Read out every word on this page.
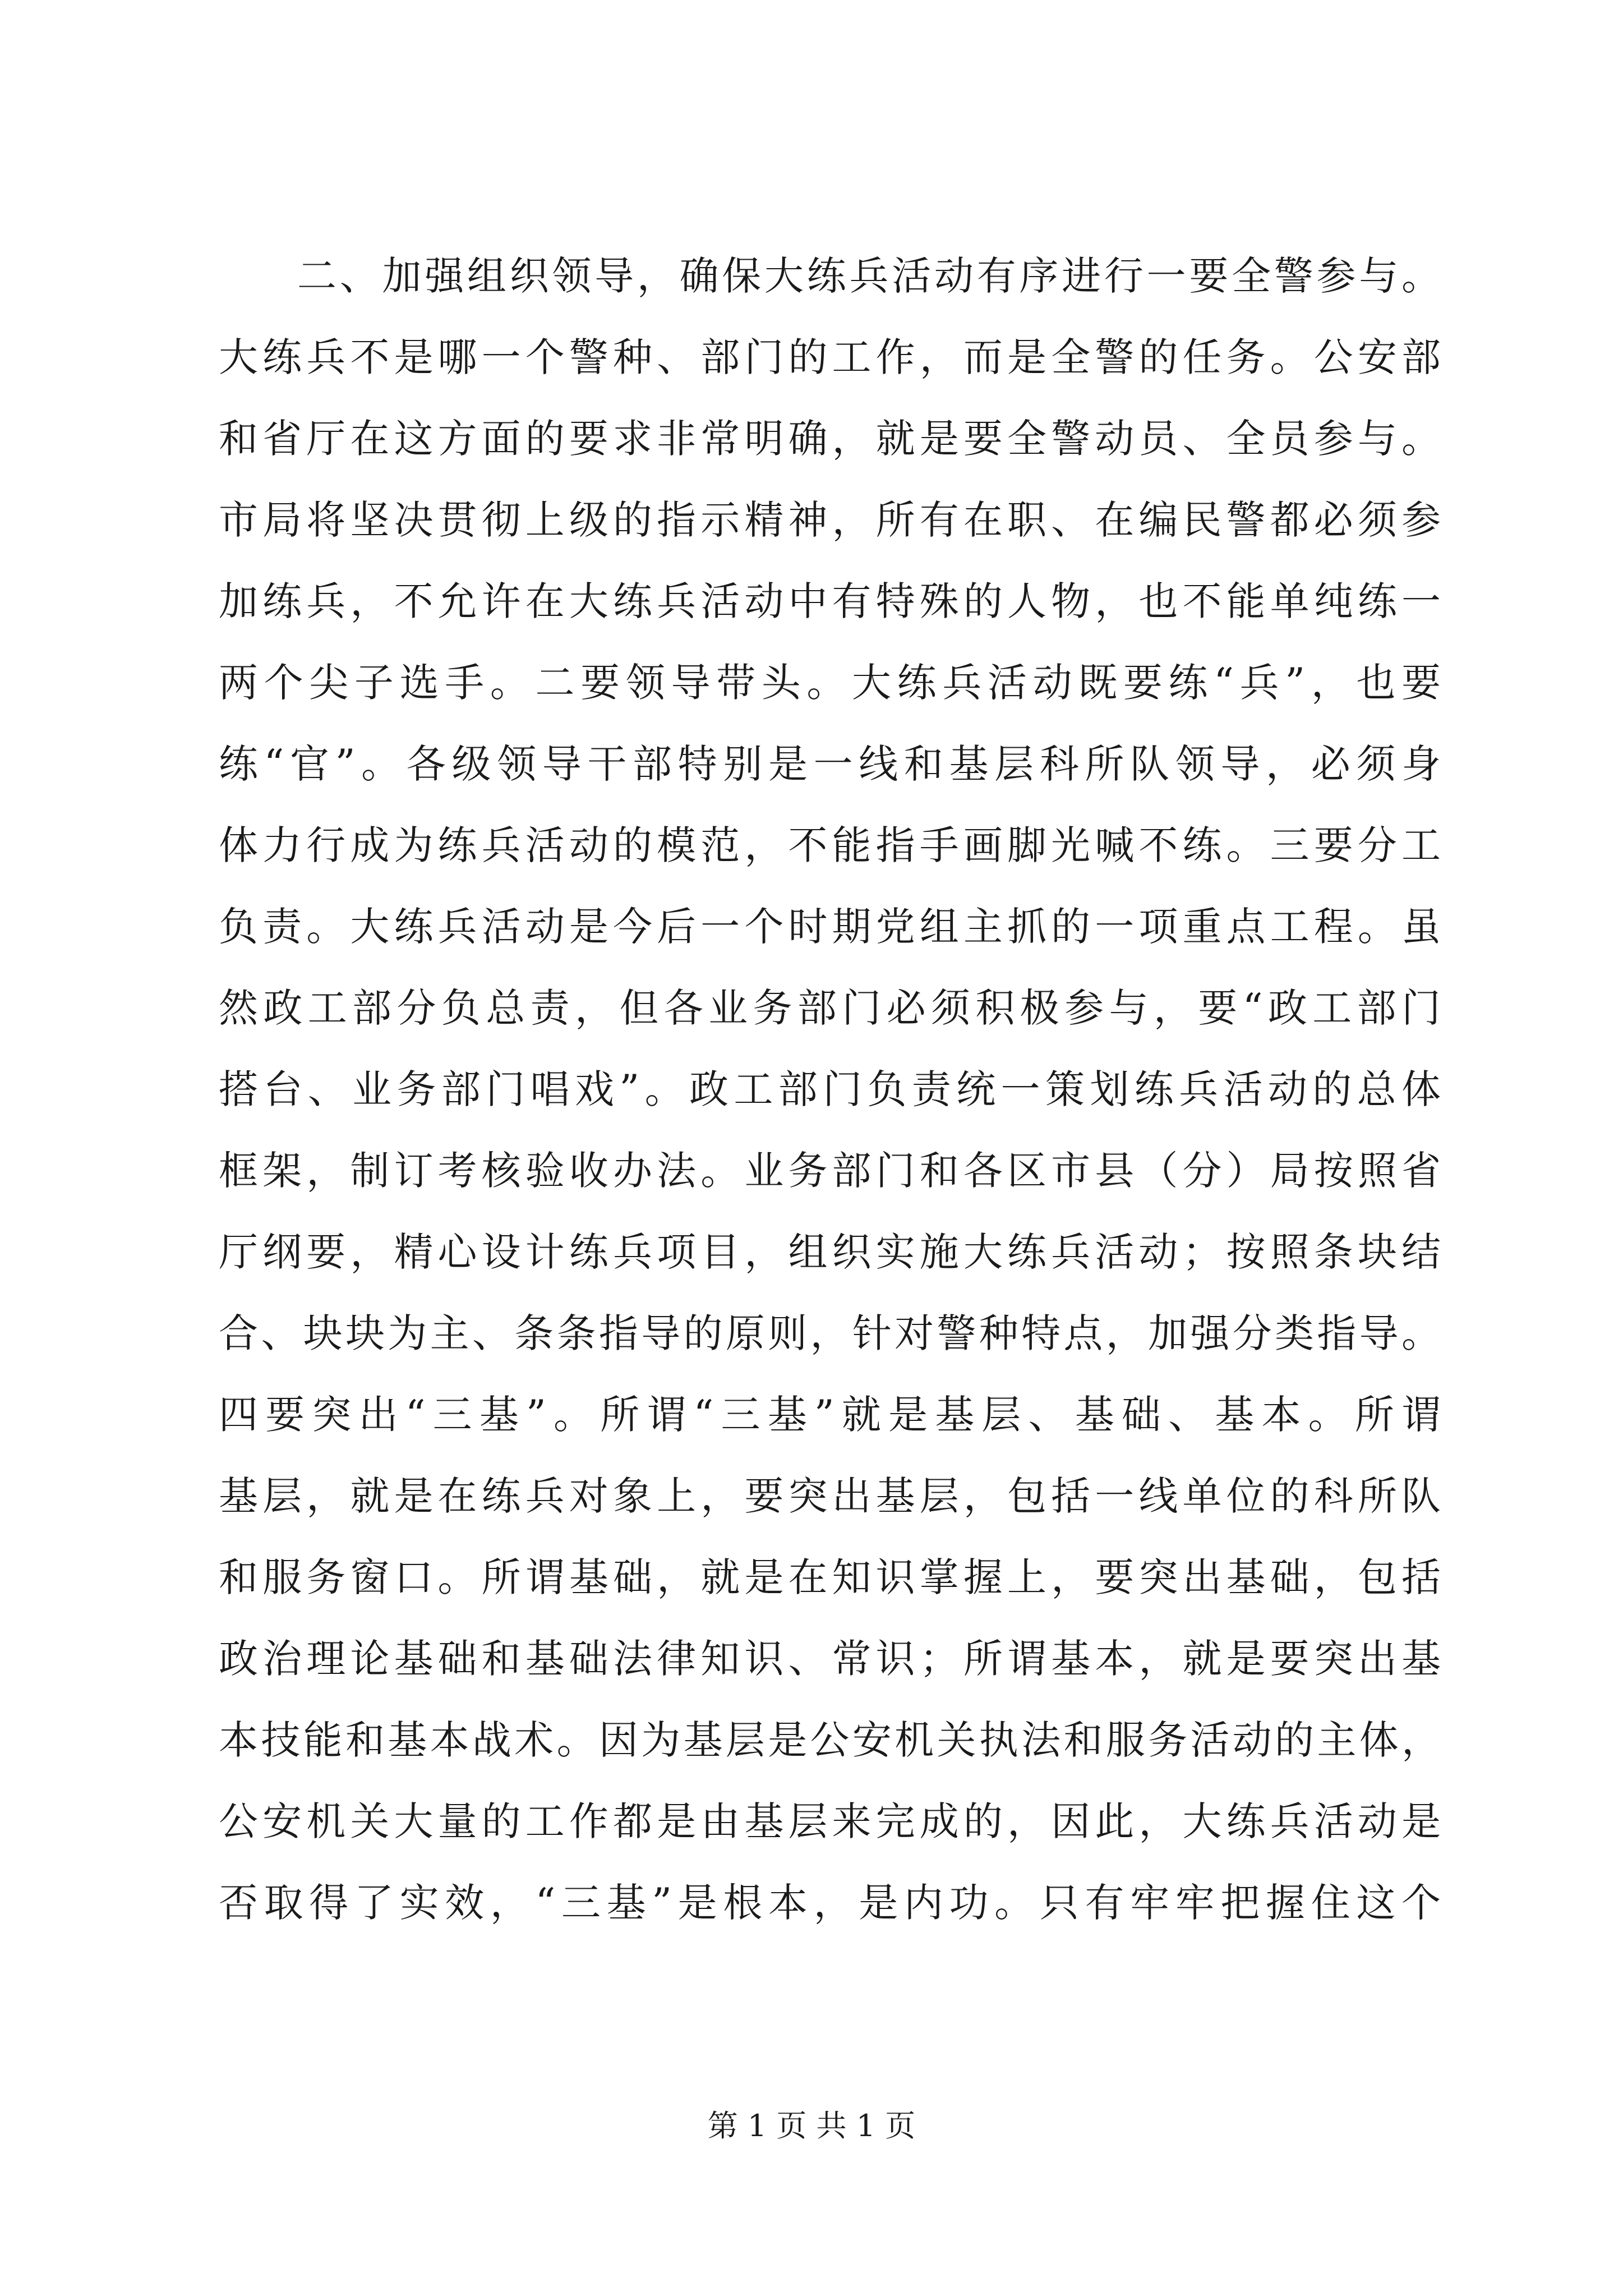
二、加强组织领导，确保大练兵活动有序进行一要全警参与。
大练兵不是哪一个警种、部门的工作，而是全警的任务。公安部
和省厅在这方面的要求非常明确，就是要全警动员、全员参与。
市局将坚决贯彻上级的指示精神，所有在职、在编民警都必须参
加练兵，不允许在大练兵活动中有特殊的人物，也不能单纯练一
两个尖子选手。二要领导带头。大练兵活动既要练“兵”，也要
练“官”。各级领导干部特别是一线和基层科所队领导，必须身
体力行成为练兵活动的模范，不能指手画脚光喊不练。三要分工
负责。大练兵活动是今后一个时期党组主抓的一项重点工程。虽
然政工部分负总责，但各业务部门必须积极参与，要“政工部门
搭台、业务部门唱戏”。政工部门负责统一策划练兵活动的总体
框架，制订考核验收办法。业务部门和各区市县（分）局按照省
厅纲要，精心设计练兵项目，组织实施大练兵活动；按照条块结
合、块块为主、条条指导的原则，针对警种特点，加强分类指导。
四要突出“三基”。所谓“三基”就是基层、基础、基本。所谓
基层，就是在练兵对象上，要突出基层，包括一线单位的科所队
和服务窗口。所谓基础，就是在知识掌握上，要突出基础，包括
政治理论基础和基础法律知识、常识；所谓基本，就是要突出基
本技能和基本战术。因为基层是公安机关执法和服务活动的主体，
公安机关大量的工作都是由基层来完成的，因此，大练兵活动是
否取得了实效，“三基”是根本，是内功。只有牢牢把握住这个
第 1 页 共 1 页
